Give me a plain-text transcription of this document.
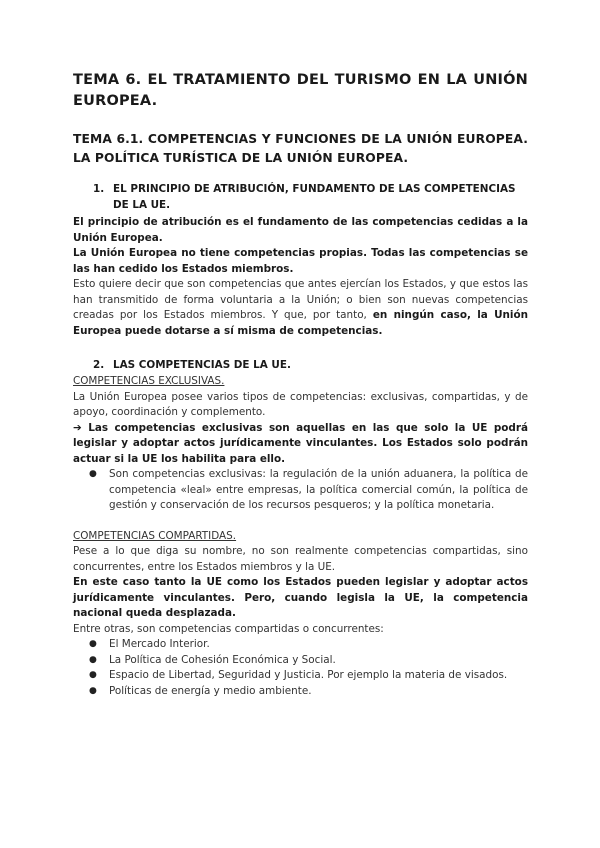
TEMA 6. EL TRATAMIENTO DEL TURISMO EN LA UNIÓN EUROPEA.
TEMA 6.1. COMPETENCIAS Y FUNCIONES DE LA UNIÓN EUROPEA. LA POLÍTICA TURÍSTICA DE LA UNIÓN EUROPEA.
1. EL PRINCIPIO DE ATRIBUCIÓN, FUNDAMENTO DE LAS COMPETENCIAS DE LA UE.

El principio de atribución es el fundamento de las competencias cedidas a la Unión Europea.

La Unión Europea no tiene competencias propias. Todas las competencias se las han cedido los Estados miembros.

Esto quiere decir que son competencias que antes ejercían los Estados, y que estos las han transmitido de forma voluntaria a la Unión; o bien son nuevas competencias creadas por los Estados miembros. Y que, por tanto, en ningún caso, la Unión Europea puede dotarse a sí misma de competencias.

2. LAS COMPETENCIAS DE LA UE.
COMPETENCIAS EXCLUSIVAS.

La Unión Europea posee varios tipos de competencias: exclusivas, compartidas, y de apoyo, coordinación y complemento.

➔ Las competencias exclusivas son aquellas en las que solo la UE podrá legislar y adoptar actos jurídicamente vinculantes. Los Estados solo podrán actuar si la UE los habilita para ello.

●	Son competencias exclusivas: la regulación de la unión aduanera, la política de competencia «leal» entre empresas, la política comercial común, la política de gestión y conservación de los recursos pesqueros; y la política monetaria.
COMPETENCIAS COMPARTIDAS.

Pese a lo que diga su nombre, no son realmente competencias compartidas, sino concurrentes, entre los Estados miembros y la UE.

En este caso tanto la UE como los Estados pueden legislar y adoptar actos jurídicamente vinculantes. Pero, cuando legisla la UE, la competencia nacional queda desplazada.

Entre otras, son competencias compartidas o concurrentes:

●	El Mercado Interior.
●	La Política de Cohesión Económica y Social.
●	Espacio de Libertad, Seguridad y Justicia. Por ejemplo la materia de visados.
●	Políticas de energía y medio ambiente.
